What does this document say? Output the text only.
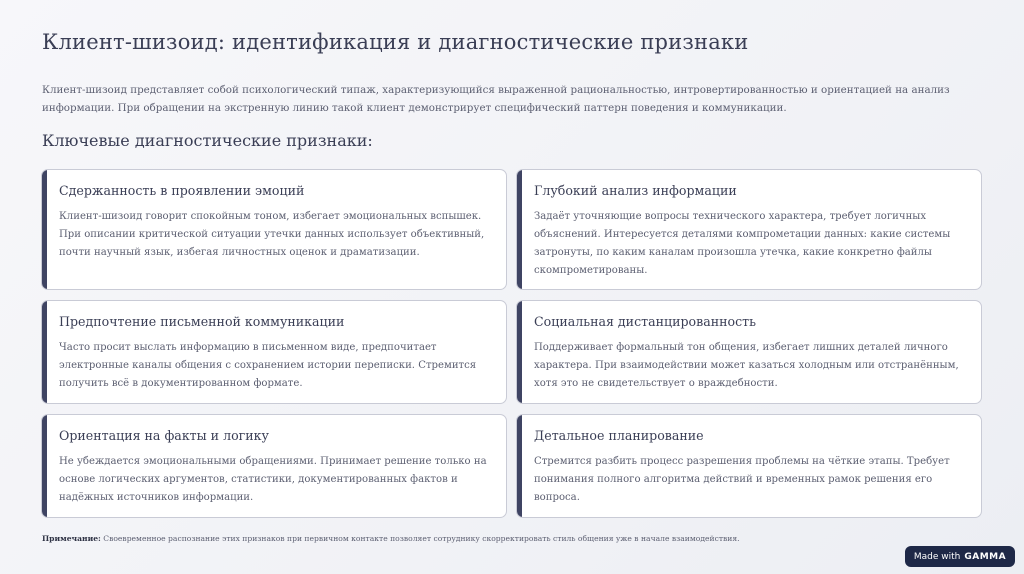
Клиент-шизоид: идентификация и диагностические признаки

Клиент-шизоид представляет собой психологический типаж, характеризующийся выраженной рациональностью, интровертированностью и ориентацией на анализ информации. При обращении на экстренную линию такой клиент демонстрирует специфический паттерн поведения и коммуникации.

Ключевые диагностические признаки:
Сдержанность в проявлении эмоций

Клиент-шизоид говорит спокойным тоном, избегает эмоциональных вспышек. При описании критической ситуации утечки данных использует объективный, почти научный язык, избегая личностных оценок и драматизации.

Глубокий анализ информации

Задаёт уточняющие вопросы технического характера, требует логичных объяснений. Интересуется деталями компрометации данных: какие системы затронуты, по каким каналам произошла утечка, какие конкретно файлы скомпрометированы.

Предпочтение письменной коммуникации

Часто просит выслать информацию в письменном виде, предпочитает электронные каналы общения с сохранением истории переписки. Стремится получить всё в документированном формате.

Социальная дистанцированность

Поддерживает формальный тон общения, избегает лишних деталей личного характера. При взаимодействии может казаться холодным или отстранённым, хотя это не свидетельствует о враждебности.

Ориентация на факты и логику

Не убеждается эмоциональными обращениями. Принимает решение только на основе логических аргументов, статистики, документированных фактов и надёжных источников информации.

Детальное планирование

Стремится разбить процесс разрешения проблемы на чёткие этапы. Требует понимания полного алгоритма действий и временных рамок решения его вопроса.

Примечание: Своевременное распознание этих признаков при первичном контакте позволяет сотруднику скорректировать стиль общения уже в начале взаимодействия.

Made with GAMMA
